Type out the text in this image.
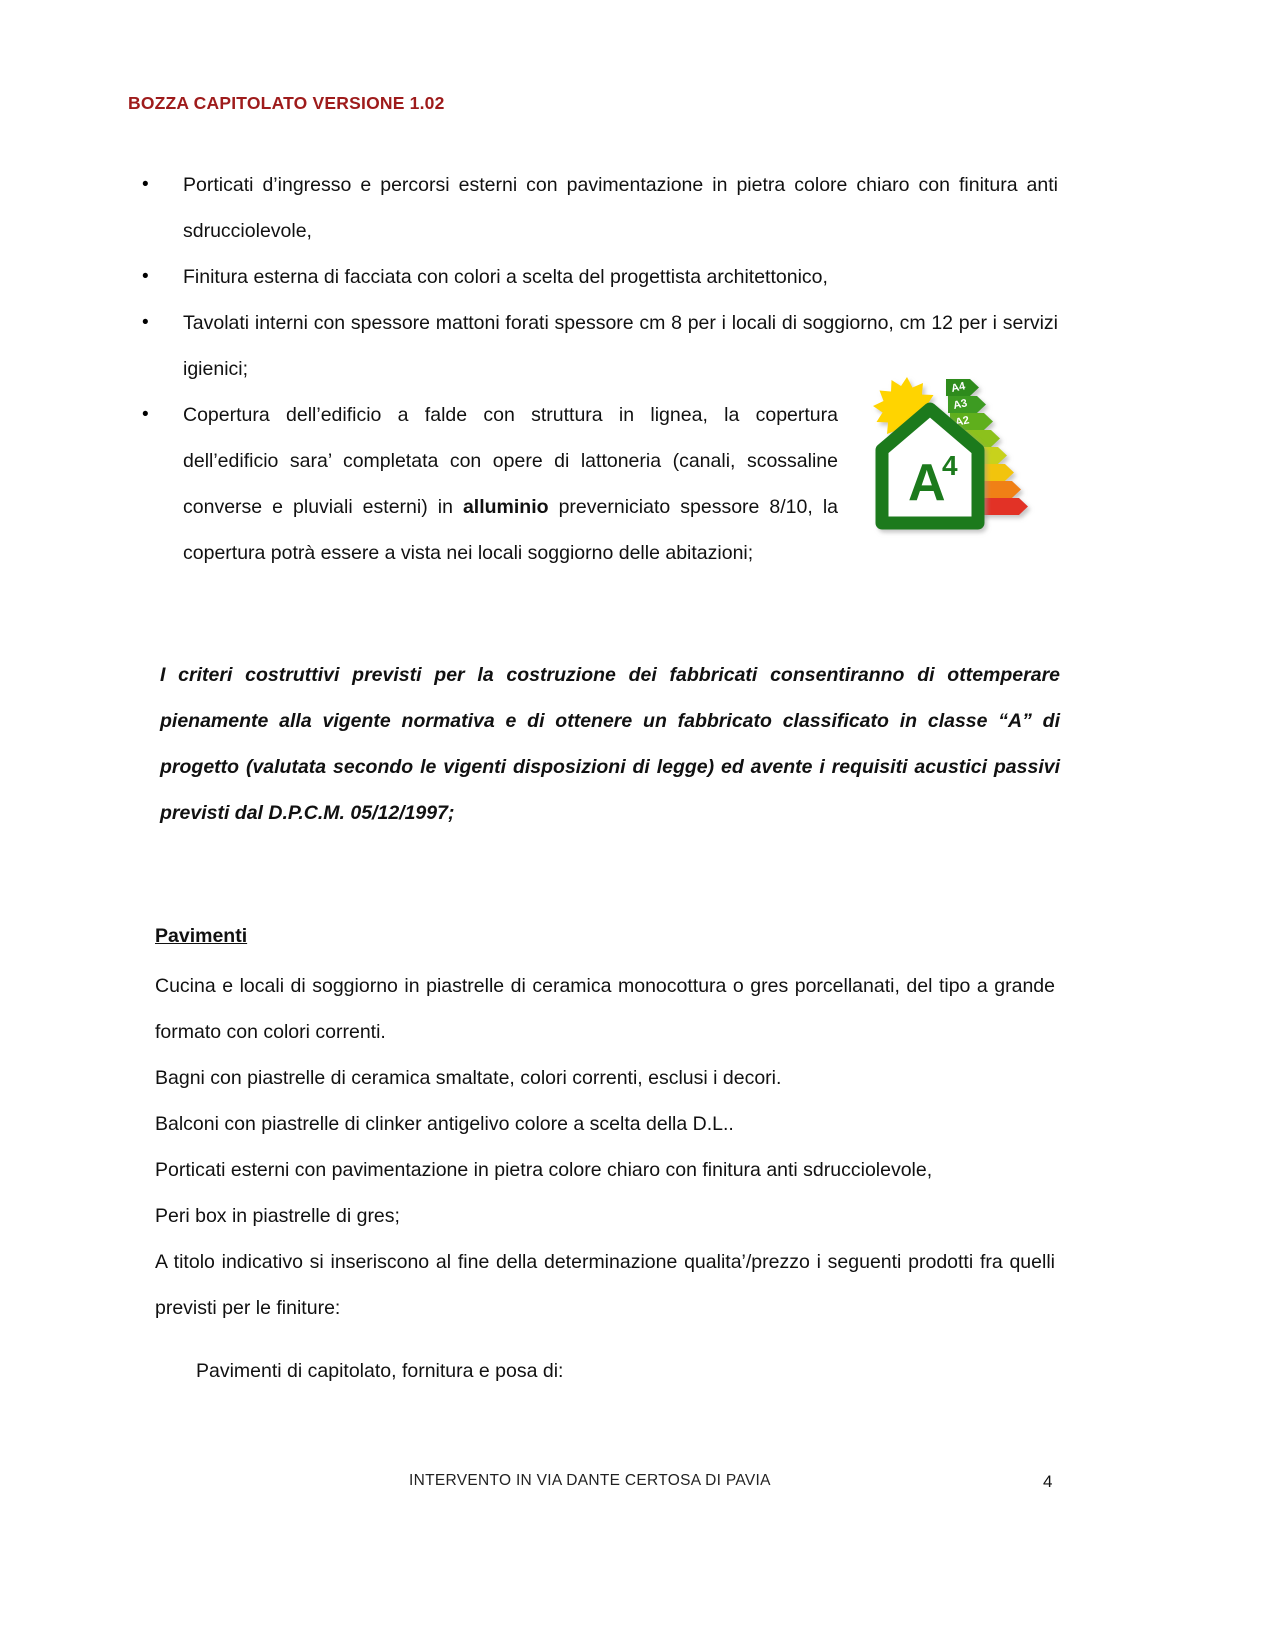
BOZZA CAPITOLATO VERSIONE 1.02
• Porticati d’ingresso e percorsi esterni con pavimentazione in pietra colore chiaro con finitura anti sdrucciolevole,
• Finitura esterna di facciata con colori a scelta del progettista architettonico,
• Tavolati interni con spessore mattoni forati spessore cm 8 per i locali di soggiorno, cm 12 per i servizi igienici;
• Copertura dell’edificio a falde con struttura in lignea, la copertura dell’edificio sara’ completata con opere di lattoneria (canali, scossaline converse e pluviali esterni) in alluminio preverniciato spessore 8/10, la copertura potrà essere a vista nei locali soggiorno delle abitazioni;
A4
A3
A2
A
4
I criteri costruttivi previsti per la costruzione dei fabbricati consentiranno di ottemperare pienamente alla vigente normativa e di ottenere un fabbricato classificato in classe “A” di progetto (valutata secondo le vigenti disposizioni di legge) ed avente i requisiti acustici passivi previsti dal D.P.C.M. 05/12/1997;
Pavimenti

Cucina e locali di soggiorno in piastrelle di ceramica monocottura o gres porcellanati, del tipo a grande formato con colori correnti.

Bagni con piastrelle di ceramica smaltate, colori correnti, esclusi i decori.

Balconi con piastrelle di clinker antigelivo colore a scelta della D.L..

Porticati esterni con pavimentazione in pietra colore chiaro con finitura anti sdrucciolevole,

Peri box in piastrelle di gres;

A titolo indicativo si inseriscono al fine della determinazione qualita’/prezzo i seguenti prodotti fra quelli previsti per le finiture:

Pavimenti di capitolato, fornitura e posa di:
INTERVENTO IN VIA DANTE CERTOSA DI PAVIA	4
